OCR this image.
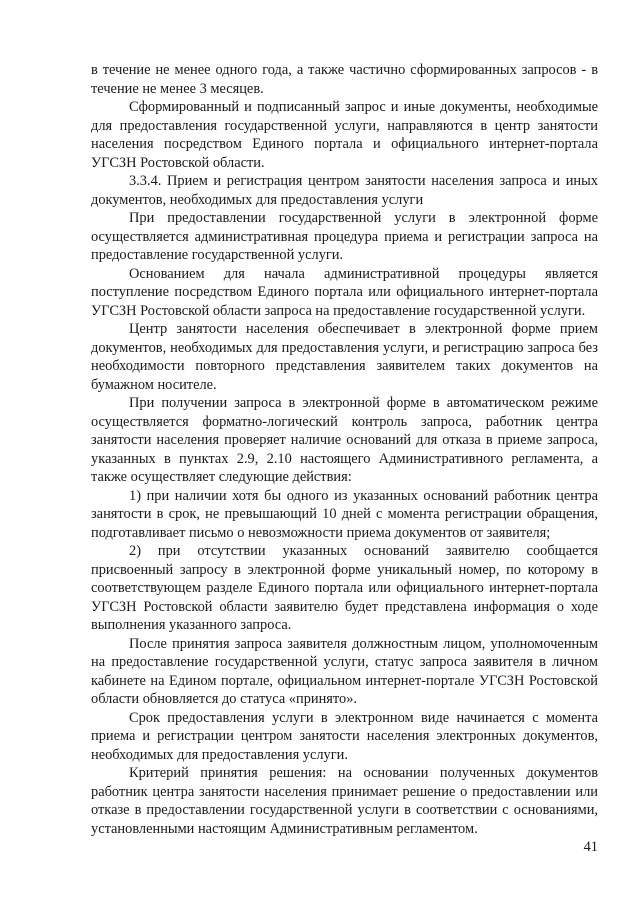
в течение не менее одного года, а также частично сформированных запросов - в течение не менее 3 месяцев.

Сформированный и подписанный запрос и иные документы, необходимые для предоставления государственной услуги, направляются в центр занятости населения посредством Единого портала и официального интернет-портала УГСЗН Ростовской области.

3.3.4. Прием и регистрация центром занятости населения запроса и иных документов, необходимых для предоставления услуги

При предоставлении государственной услуги в электронной форме осуществляется административная процедура приема и регистрации запроса на предоставление государственной услуги.

Основанием для начала административной процедуры является поступление посредством Единого портала или официального интернет-портала УГСЗН Ростовской области запроса на предоставление государственной услуги.

Центр занятости населения обеспечивает в электронной форме прием документов, необходимых для предоставления услуги, и регистрацию запроса без необходимости повторного представления заявителем таких документов на бумажном носителе.

При получении запроса в электронной форме в автоматическом режиме осуществляется форматно-логический контроль запроса, работник центра занятости населения проверяет наличие оснований для отказа в приеме запроса, указанных в пунктах 2.9, 2.10 настоящего Административного регламента, а также осуществляет следующие действия:

1) при наличии хотя бы одного из указанных оснований работник центра занятости в срок, не превышающий 10 дней с момента регистрации обращения, подготавливает письмо о невозможности приема документов от заявителя;

2) при отсутствии указанных оснований заявителю сообщается присвоенный запросу в электронной форме уникальный номер, по которому в соответствующем разделе Единого портала или официального интернет-портала УГСЗН Ростовской области заявителю будет представлена информация о ходе выполнения указанного запроса.

После принятия запроса заявителя должностным лицом, уполномоченным на предоставление государственной услуги, статус запроса заявителя в личном кабинете на Едином портале, официальном интернет-портале УГСЗН Ростовской области обновляется до статуса «принято».

Срок предоставления услуги в электронном виде начинается с момента приема и регистрации центром занятости населения электронных документов, необходимых для предоставления услуги.

Критерий принятия решения: на основании полученных документов работник центра занятости населения принимает решение о предоставлении или отказе в предоставлении государственной услуги в соответствии с основаниями, установленными настоящим Административным регламентом.

41
